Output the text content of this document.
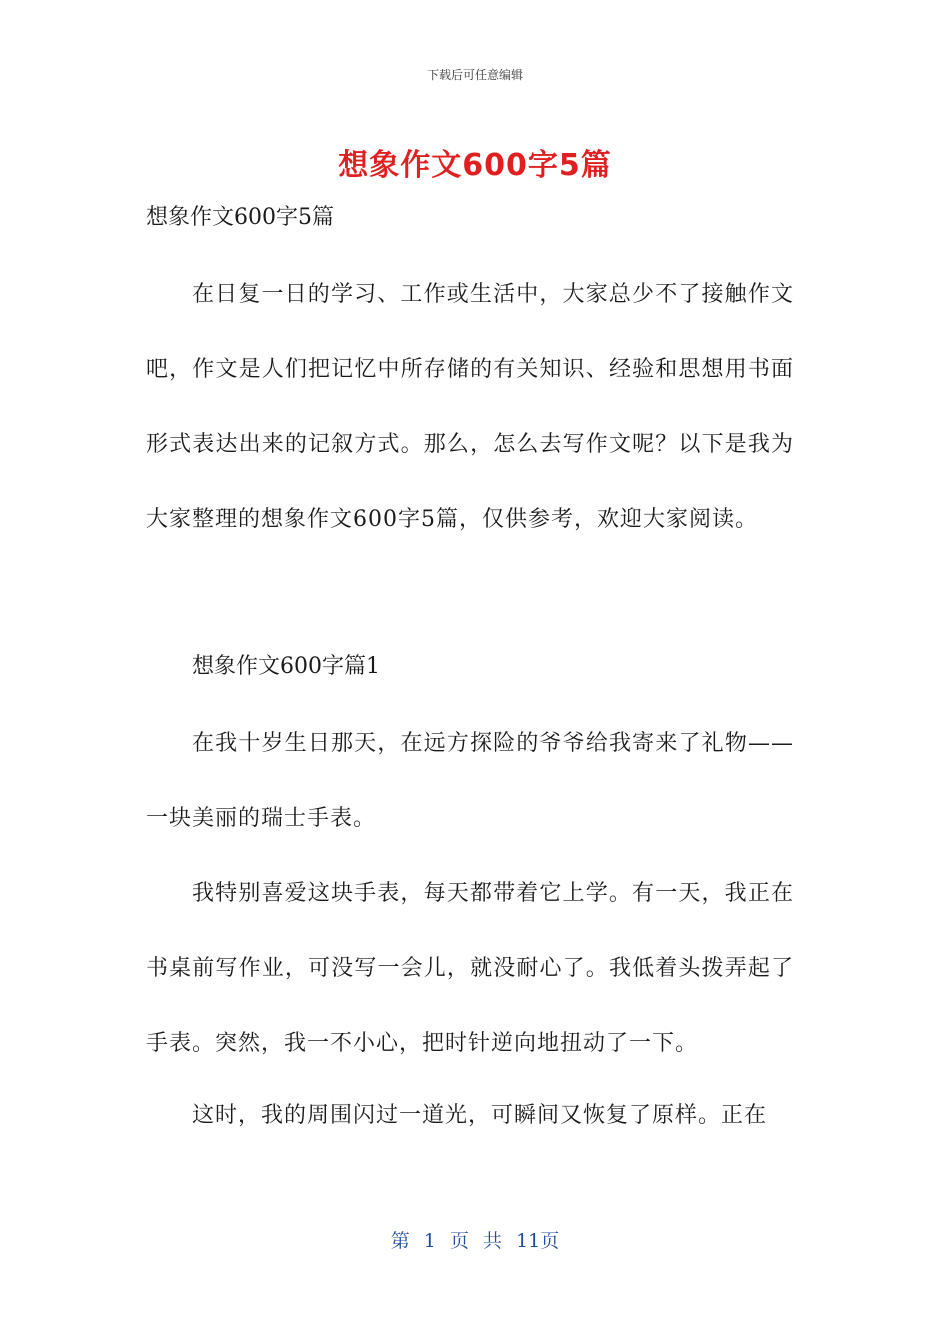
下载后可任意编辑
想象作文600字5篇

想象作文600字5篇

在日复一日的学习、工作或生活中，大家总少不了接触作文吧，作文是人们把记忆中所存储的有关知识、经验和思想用书面形式表达出来的记叙方式。那么，怎么去写作文呢？以下是我为大家整理的想象作文600字5篇，仅供参考，欢迎大家阅读。

想象作文600字篇1

在我十岁生日那天，在远方探险的爷爷给我寄来了礼物——一块美丽的瑞士手表。

我特别喜爱这块手表，每天都带着它上学。有一天，我正在书桌前写作业，可没写一会儿，就没耐心了。我低着头拨弄起了手表。突然，我一不小心，把时针逆向地扭动了一下。

这时，我的周围闪过一道光，可瞬间又恢复了原样。正在

第 1 页 共 11页
